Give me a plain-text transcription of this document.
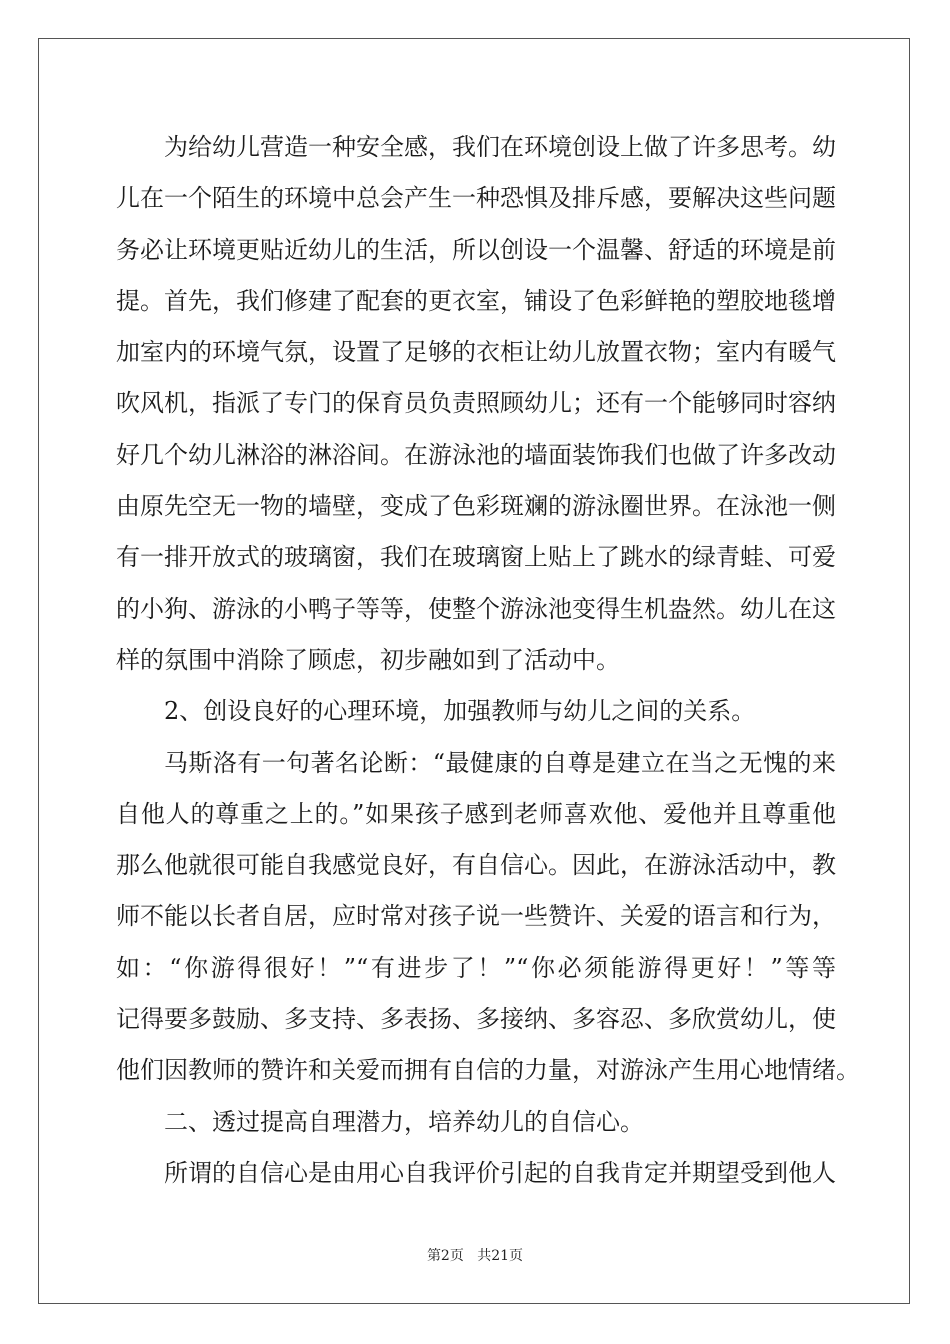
为给幼儿营造一种安全感，我们在环境创设上做了许多思考。幼
儿在一个陌生的环境中总会产生一种恐惧及排斥感，要解决这些问题
务必让环境更贴近幼儿的生活，所以创设一个温馨、舒适的环境是前
提。首先，我们修建了配套的更衣室，铺设了色彩鲜艳的塑胶地毯增
加室内的环境气氛，设置了足够的衣柜让幼儿放置衣物；室内有暖气
吹风机，指派了专门的保育员负责照顾幼儿；还有一个能够同时容纳
好几个幼儿淋浴的淋浴间。在游泳池的墙面装饰我们也做了许多改动
由原先空无一物的墙壁，变成了色彩斑斓的游泳圈世界。在泳池一侧
有一排开放式的玻璃窗，我们在玻璃窗上贴上了跳水的绿青蛙、可爱
的小狗、游泳的小鸭子等等，使整个游泳池变得生机盎然。幼儿在这
样的氛围中消除了顾虑，初步融如到了活动中。
2、创设良好的心理环境，加强教师与幼儿之间的关系。
马斯洛有一句著名论断：“最健康的自尊是建立在当之无愧的来
自他人的尊重之上的。”如果孩子感到老师喜欢他、爱他并且尊重他
那么他就很可能自我感觉良好，有自信心。因此，在游泳活动中，教
师不能以长者自居，应时常对孩子说一些赞许、关爱的语言和行为，
如：“你游得很好！”“有进步了！”“你必须能游得更好！”等等
记得要多鼓励、多支持、多表扬、多接纳、多容忍、多欣赏幼儿，使
他们因教师的赞许和关爱而拥有自信的力量，对游泳产生用心地情绪。
二、透过提高自理潜力，培养幼儿的自信心。
所谓的自信心是由用心自我评价引起的自我肯定并期望受到他人
第2页 共21页
